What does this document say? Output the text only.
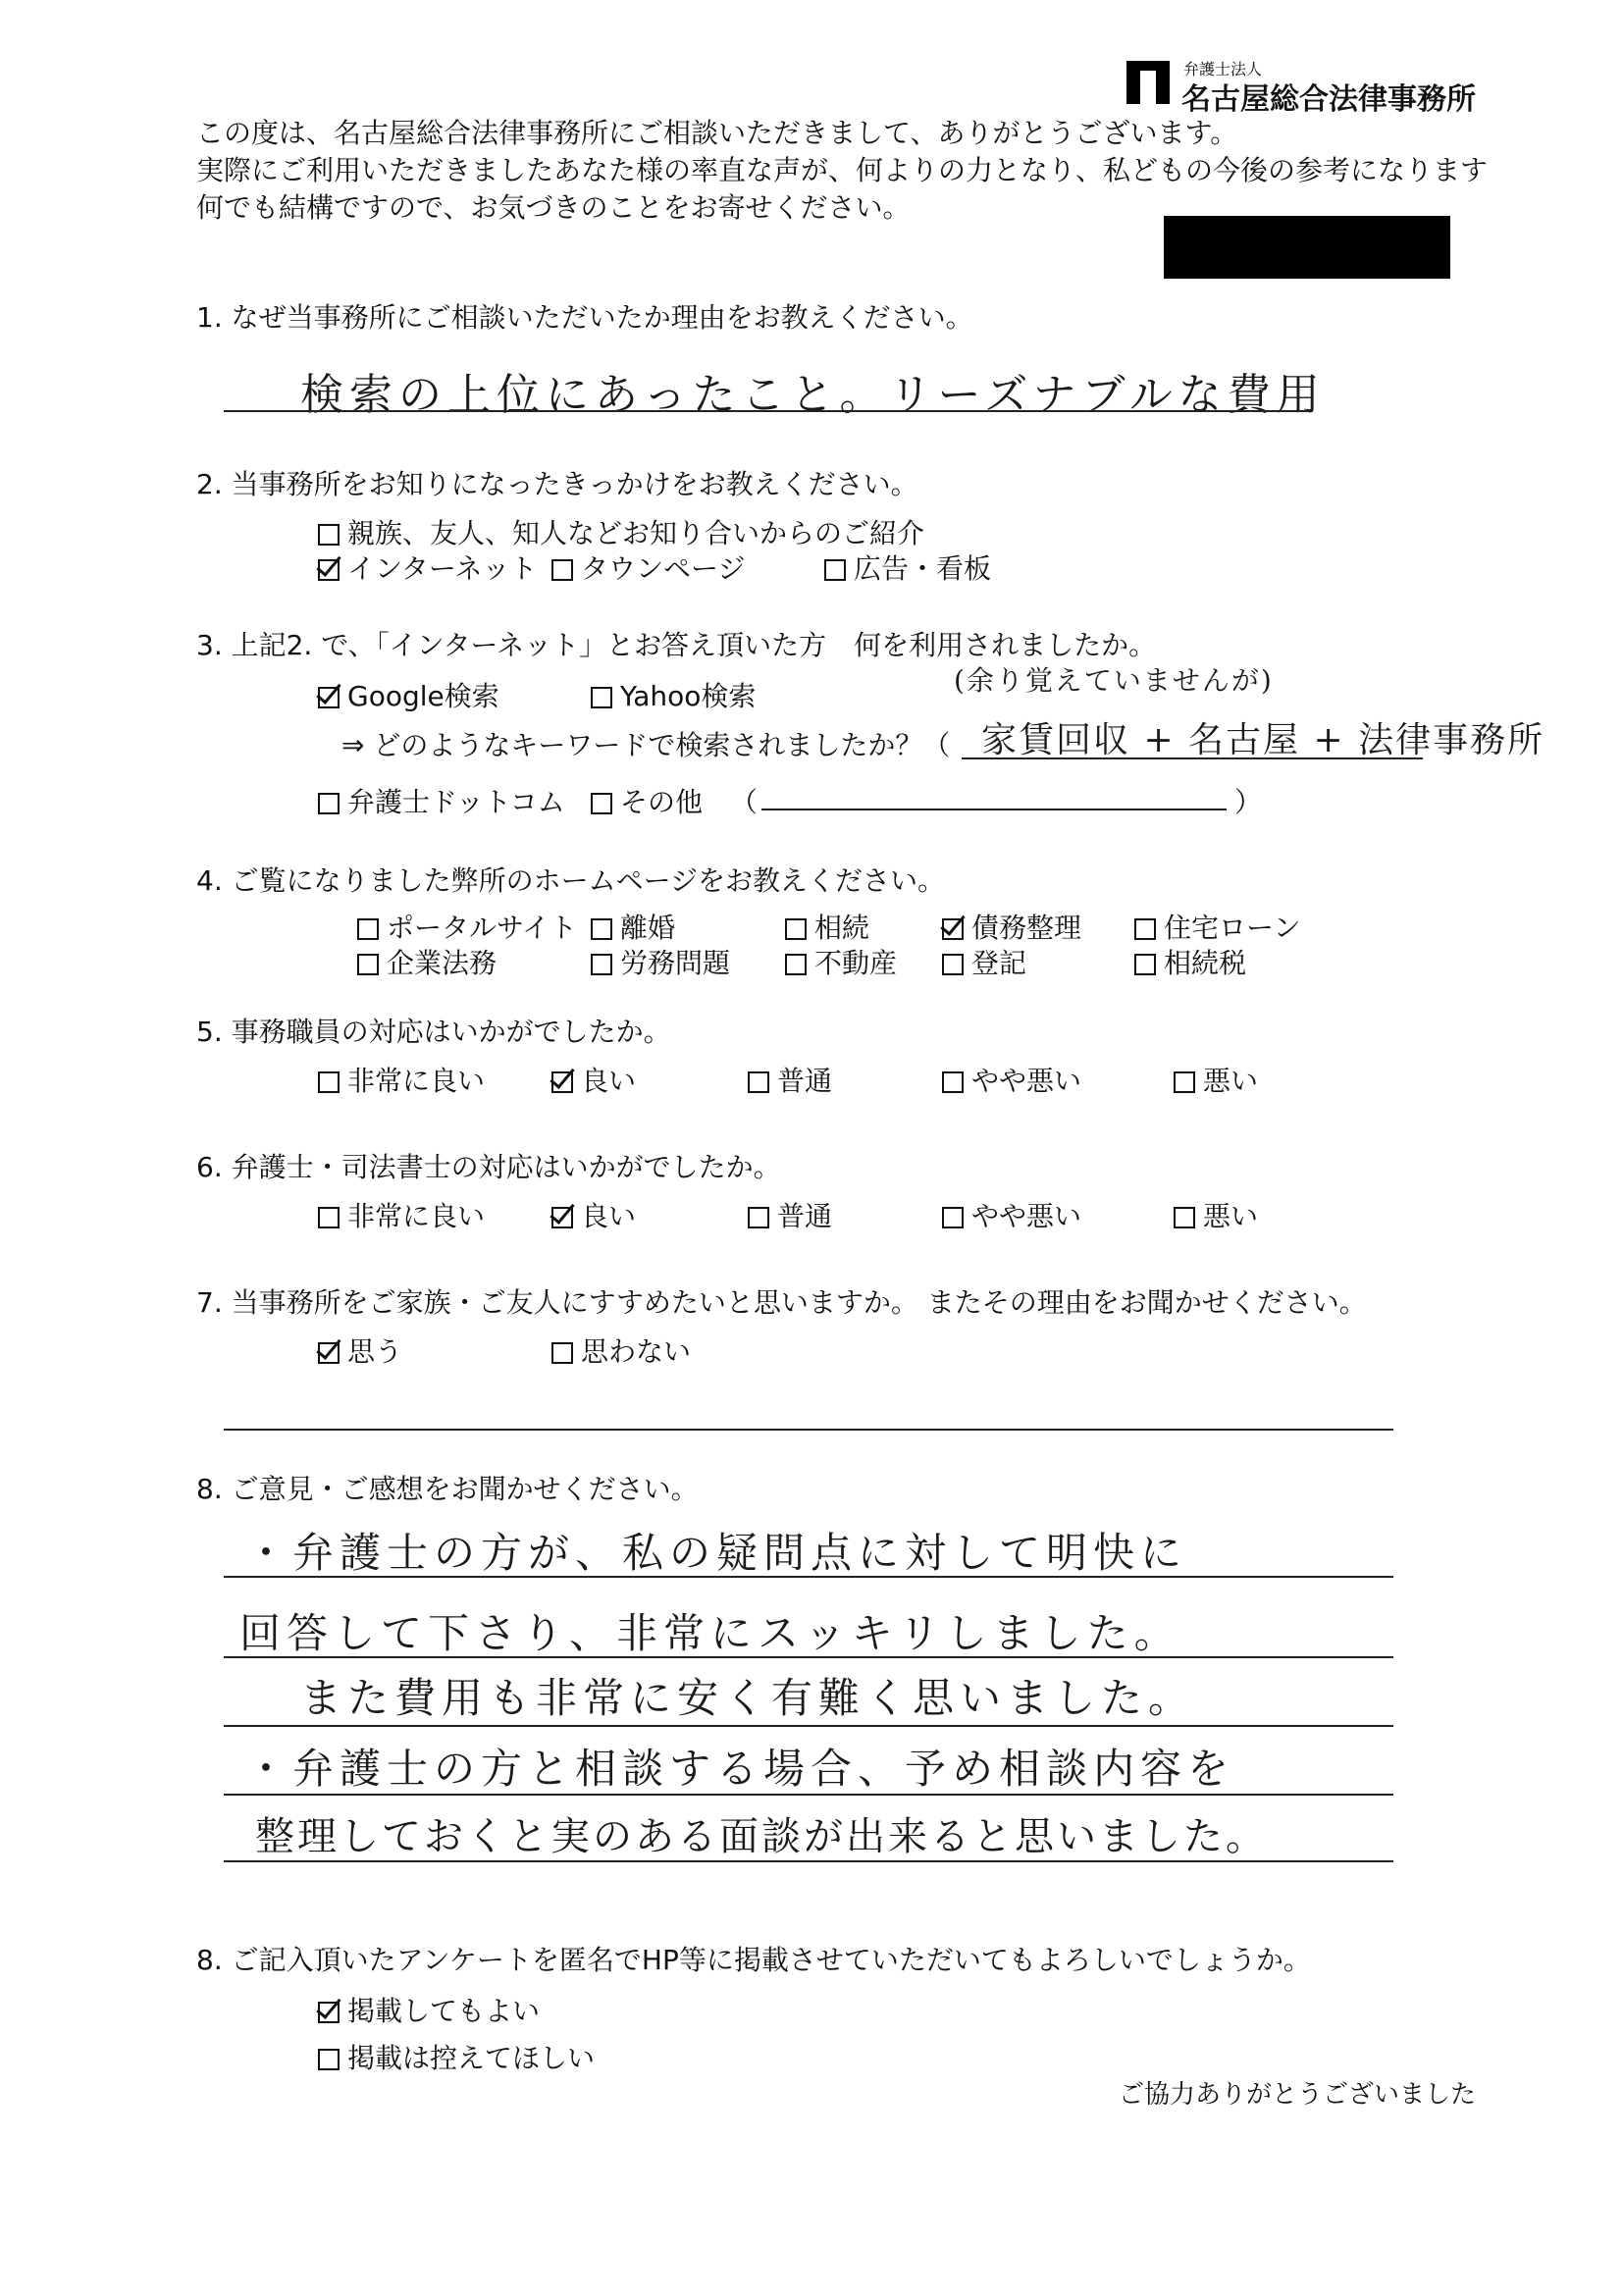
弁護士法人
名古屋総合法律事務所
この度は、名古屋総合法律事務所にご相談いただきまして、ありがとうございます。
実際にご利用いただきましたあなた様の率直な声が、何よりの力となり、私どもの今後の参考になります
何でも結構ですので、お気づきのことをお寄せください。
1. なぜ当事務所にご相談いただいたか理由をお教えください。
検索の上位にあったこと。リーズナブルな費用
2. 当事務所をお知りになったきっかけをお教えください。
親族、友人、知人などお知り合いからのご紹介
インターネット	タウンページ	広告・看板
3. 上記2. で、「インターネット」とお答え頂いた方　何を利用されましたか。
Google検索	Yahoo検索	(余り覚えていませんが)
⇒ どのようなキーワードで検索されましたか？（ 家賃回収 + 名古屋 + 法律事務所
弁護士ドットコム	その他 （	）
4. ご覧になりました弊所のホームページをお教えください。
ポータルサイト	離婚	相続	債務整理	住宅ローン
企業法務	労務問題	不動産	登記	相続税
5. 事務職員の対応はいかがでしたか。
非常に良い	良い	普通	やや悪い	悪い
6. 弁護士・司法書士の対応はいかがでしたか。
非常に良い	良い	普通	やや悪い	悪い
7. 当事務所をご家族・ご友人にすすめたいと思いますか。 またその理由をお聞かせください。
思う	思わない
8. ご意見・ご感想をお聞かせください。
・弁護士の方が、私の疑問点に対して明快に
回答して下さり、非常にスッキリしました。
また費用も非常に安く有難く思いました。
・弁護士の方と相談する場合、予め相談内容を
整理しておくと実のある面談が出来ると思いました。
8. ご記入頂いたアンケートを匿名でHP等に掲載させていただいてもよろしいでしょうか。
掲載してもよい
掲載は控えてほしい
ご協力ありがとうございました
